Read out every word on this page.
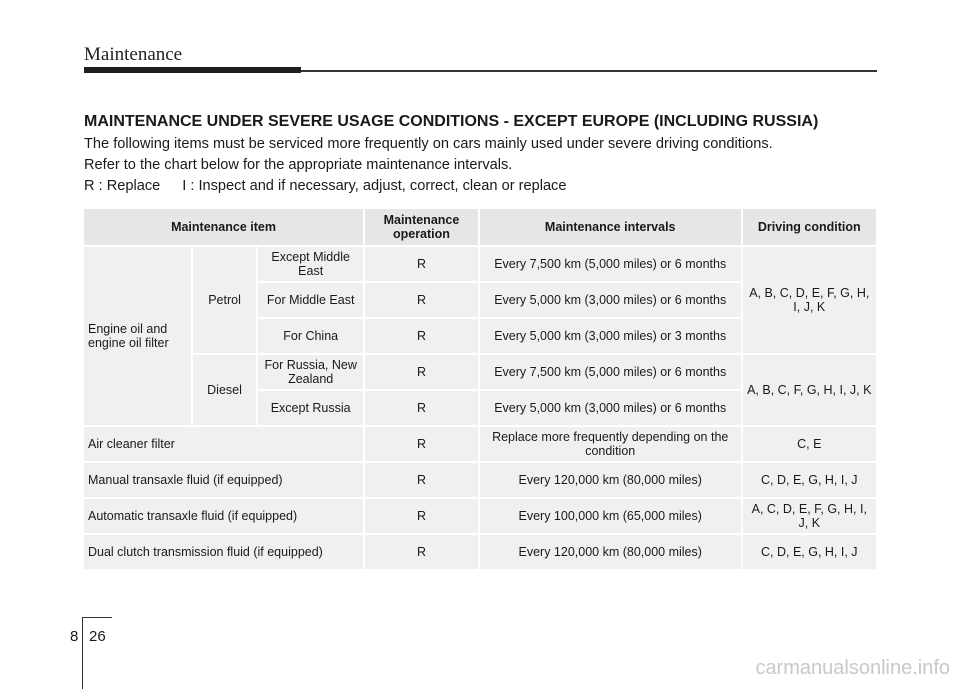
Maintenance
MAINTENANCE UNDER SEVERE USAGE CONDITIONS - EXCEPT EUROPE (INCLUDING RUSSIA)
The following items must be serviced more frequently on cars mainly used under severe driving conditions.
Refer to the chart below for the appropriate maintenance intervals.
R : Replace I : Inspect and if necessary, adjust, correct, clean or replace
Maintenance item			Maintenance operation	Maintenance intervals	Driving condition
Engine oil and engine oil filter	Petrol	Except Middle East	R	Every 7,500 km (5,000 miles) or 6 months	A, B, C, D, E, F, G, H, I, J, K
		For Middle East	R	Every 5,000 km (3,000 miles) or 6 months	
		For China	R	Every 5,000 km (3,000 miles) or 3 months	
	Diesel	For Russia, New Zealand	R	Every 7,500 km (5,000 miles) or 6 months	A, B, C, F, G, H, I, J, K
		Except Russia	R	Every 5,000 km (3,000 miles) or 6 months	
Air cleaner filter			R	Replace more frequently depending on the condition	C, E
Manual transaxle fluid (if equipped)			R	Every 120,000 km (80,000 miles)	C, D, E, G, H, I, J
Automatic transaxle fluid (if equipped)			R	Every 100,000 km (65,000 miles)	A, C, D, E, F, G, H, I, J, K
Dual clutch transmission fluid (if equipped)			R	Every 120,000 km (80,000 miles)	C, D, E, G, H, I, J
8 26
carmanualsonline.info
